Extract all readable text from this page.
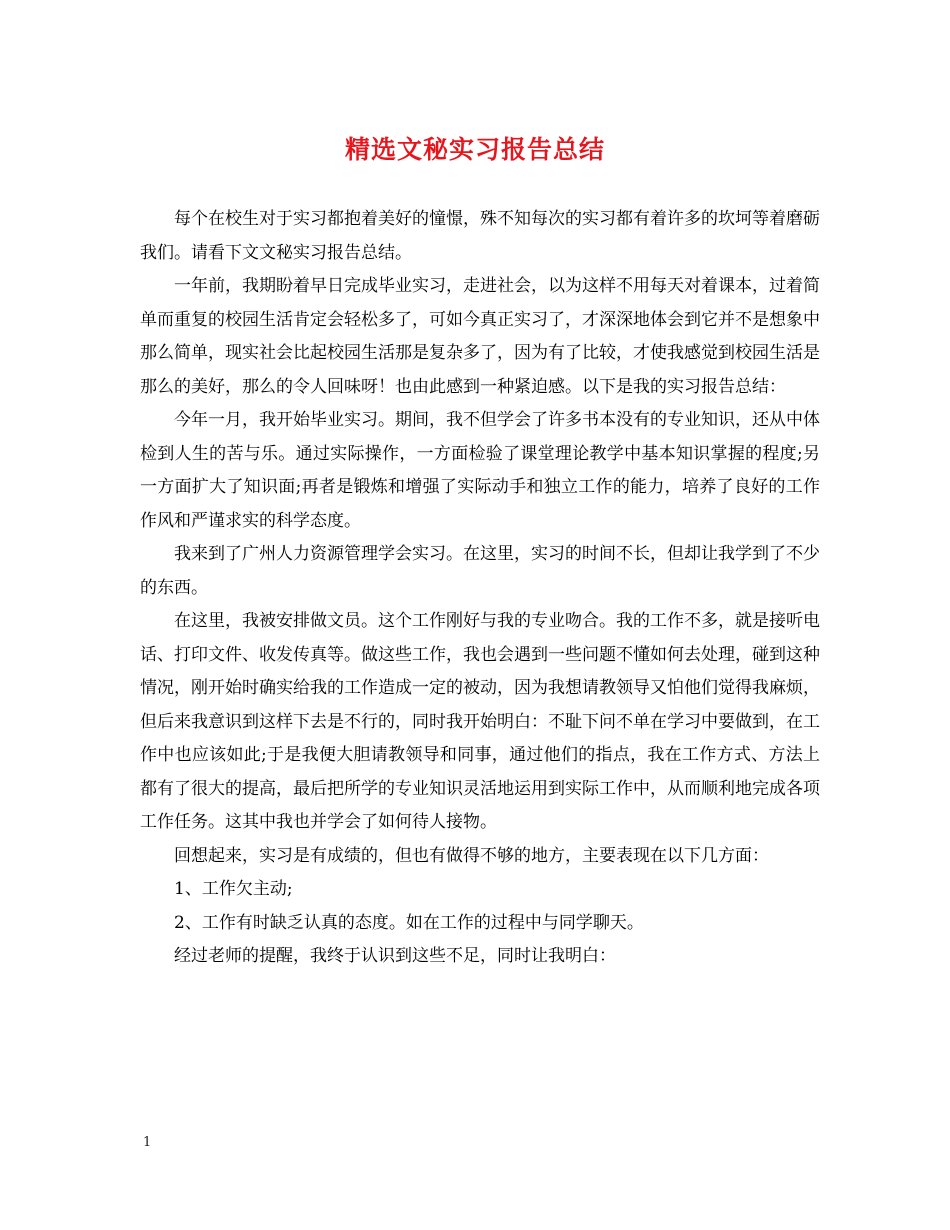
精选文秘实习报告总结

每个在校生对于实习都抱着美好的憧憬，殊不知每次的实习都有着许多的坎坷等着磨砺我们。请看下文文秘实习报告总结。

一年前，我期盼着早日完成毕业实习，走进社会，以为这样不用每天对着课本，过着简单而重复的校园生活肯定会轻松多了，可如今真正实习了，才深深地体会到它并不是想象中那么简单，现实社会比起校园生活那是复杂多了，因为有了比较，才使我感觉到校园生活是那么的美好，那么的令人回味呀！也由此感到一种紧迫感。以下是我的实习报告总结：

今年一月，我开始毕业实习。期间，我不但学会了许多书本没有的专业知识，还从中体检到人生的苦与乐。通过实际操作，一方面检验了课堂理论教学中基本知识掌握的程度;另一方面扩大了知识面;再者是锻炼和增强了实际动手和独立工作的能力，培养了良好的工作作风和严谨求实的科学态度。

我来到了广州人力资源管理学会实习。在这里，实习的时间不长，但却让我学到了不少的东西。

在这里，我被安排做文员。这个工作刚好与我的专业吻合。我的工作不多，就是接听电话、打印文件、收发传真等。做这些工作，我也会遇到一些问题不懂如何去处理，碰到这种情况，刚开始时确实给我的工作造成一定的被动，因为我想请教领导又怕他们觉得我麻烦，但后来我意识到这样下去是不行的，同时我开始明白：不耻下问不单在学习中要做到，在工作中也应该如此;于是我便大胆请教领导和同事，通过他们的指点，我在工作方式、方法上都有了很大的提高，最后把所学的专业知识灵活地运用到实际工作中，从而顺利地完成各项工作任务。这其中我也并学会了如何待人接物。

回想起来，实习是有成绩的，但也有做得不够的地方，主要表现在以下几方面：

1、工作欠主动;

2、工作有时缺乏认真的态度。如在工作的过程中与同学聊天。

经过老师的提醒，我终于认识到这些不足，同时让我明白：

1
